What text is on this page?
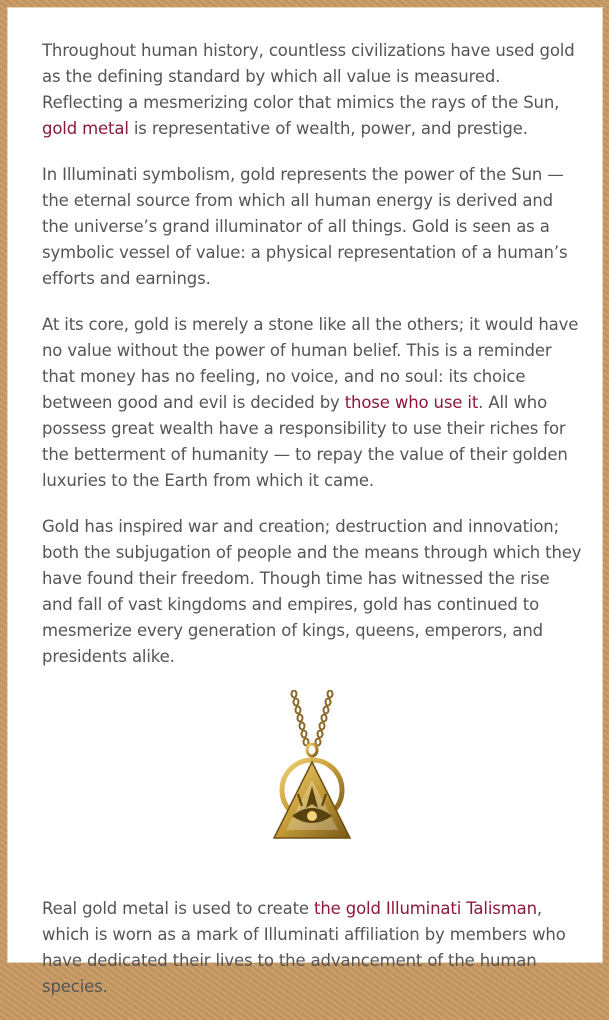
Throughout human history, countless civilizations have used gold as the defining standard by which all value is measured. Reflecting a mesmerizing color that mimics the rays of the Sun, gold metal is representative of wealth, power, and prestige.

In Illuminati symbolism, gold represents the power of the Sun — the eternal source from which all human energy is derived and the universe’s grand illuminator of all things. Gold is seen as a symbolic vessel of value: a physical representation of a human’s efforts and earnings.

At its core, gold is merely a stone like all the others; it would have no value without the power of human belief. This is a reminder that money has no feeling, no voice, and no soul: its choice between good and evil is decided by those who use it. All who possess great wealth have a responsibility to use their riches for the betterment of humanity — to repay the value of their golden luxuries to the Earth from which it came.

Gold has inspired war and creation; destruction and innovation; both the subjugation of people and the means through which they have found their freedom. Though time has witnessed the rise and fall of vast kingdoms and empires, gold has continued to mesmerize every generation of kings, queens, emperors, and presidents alike.

Real gold metal is used to create the gold Illuminati Talisman, which is worn as a mark of Illuminati affiliation by members who have dedicated their lives to the advancement of the human species.
